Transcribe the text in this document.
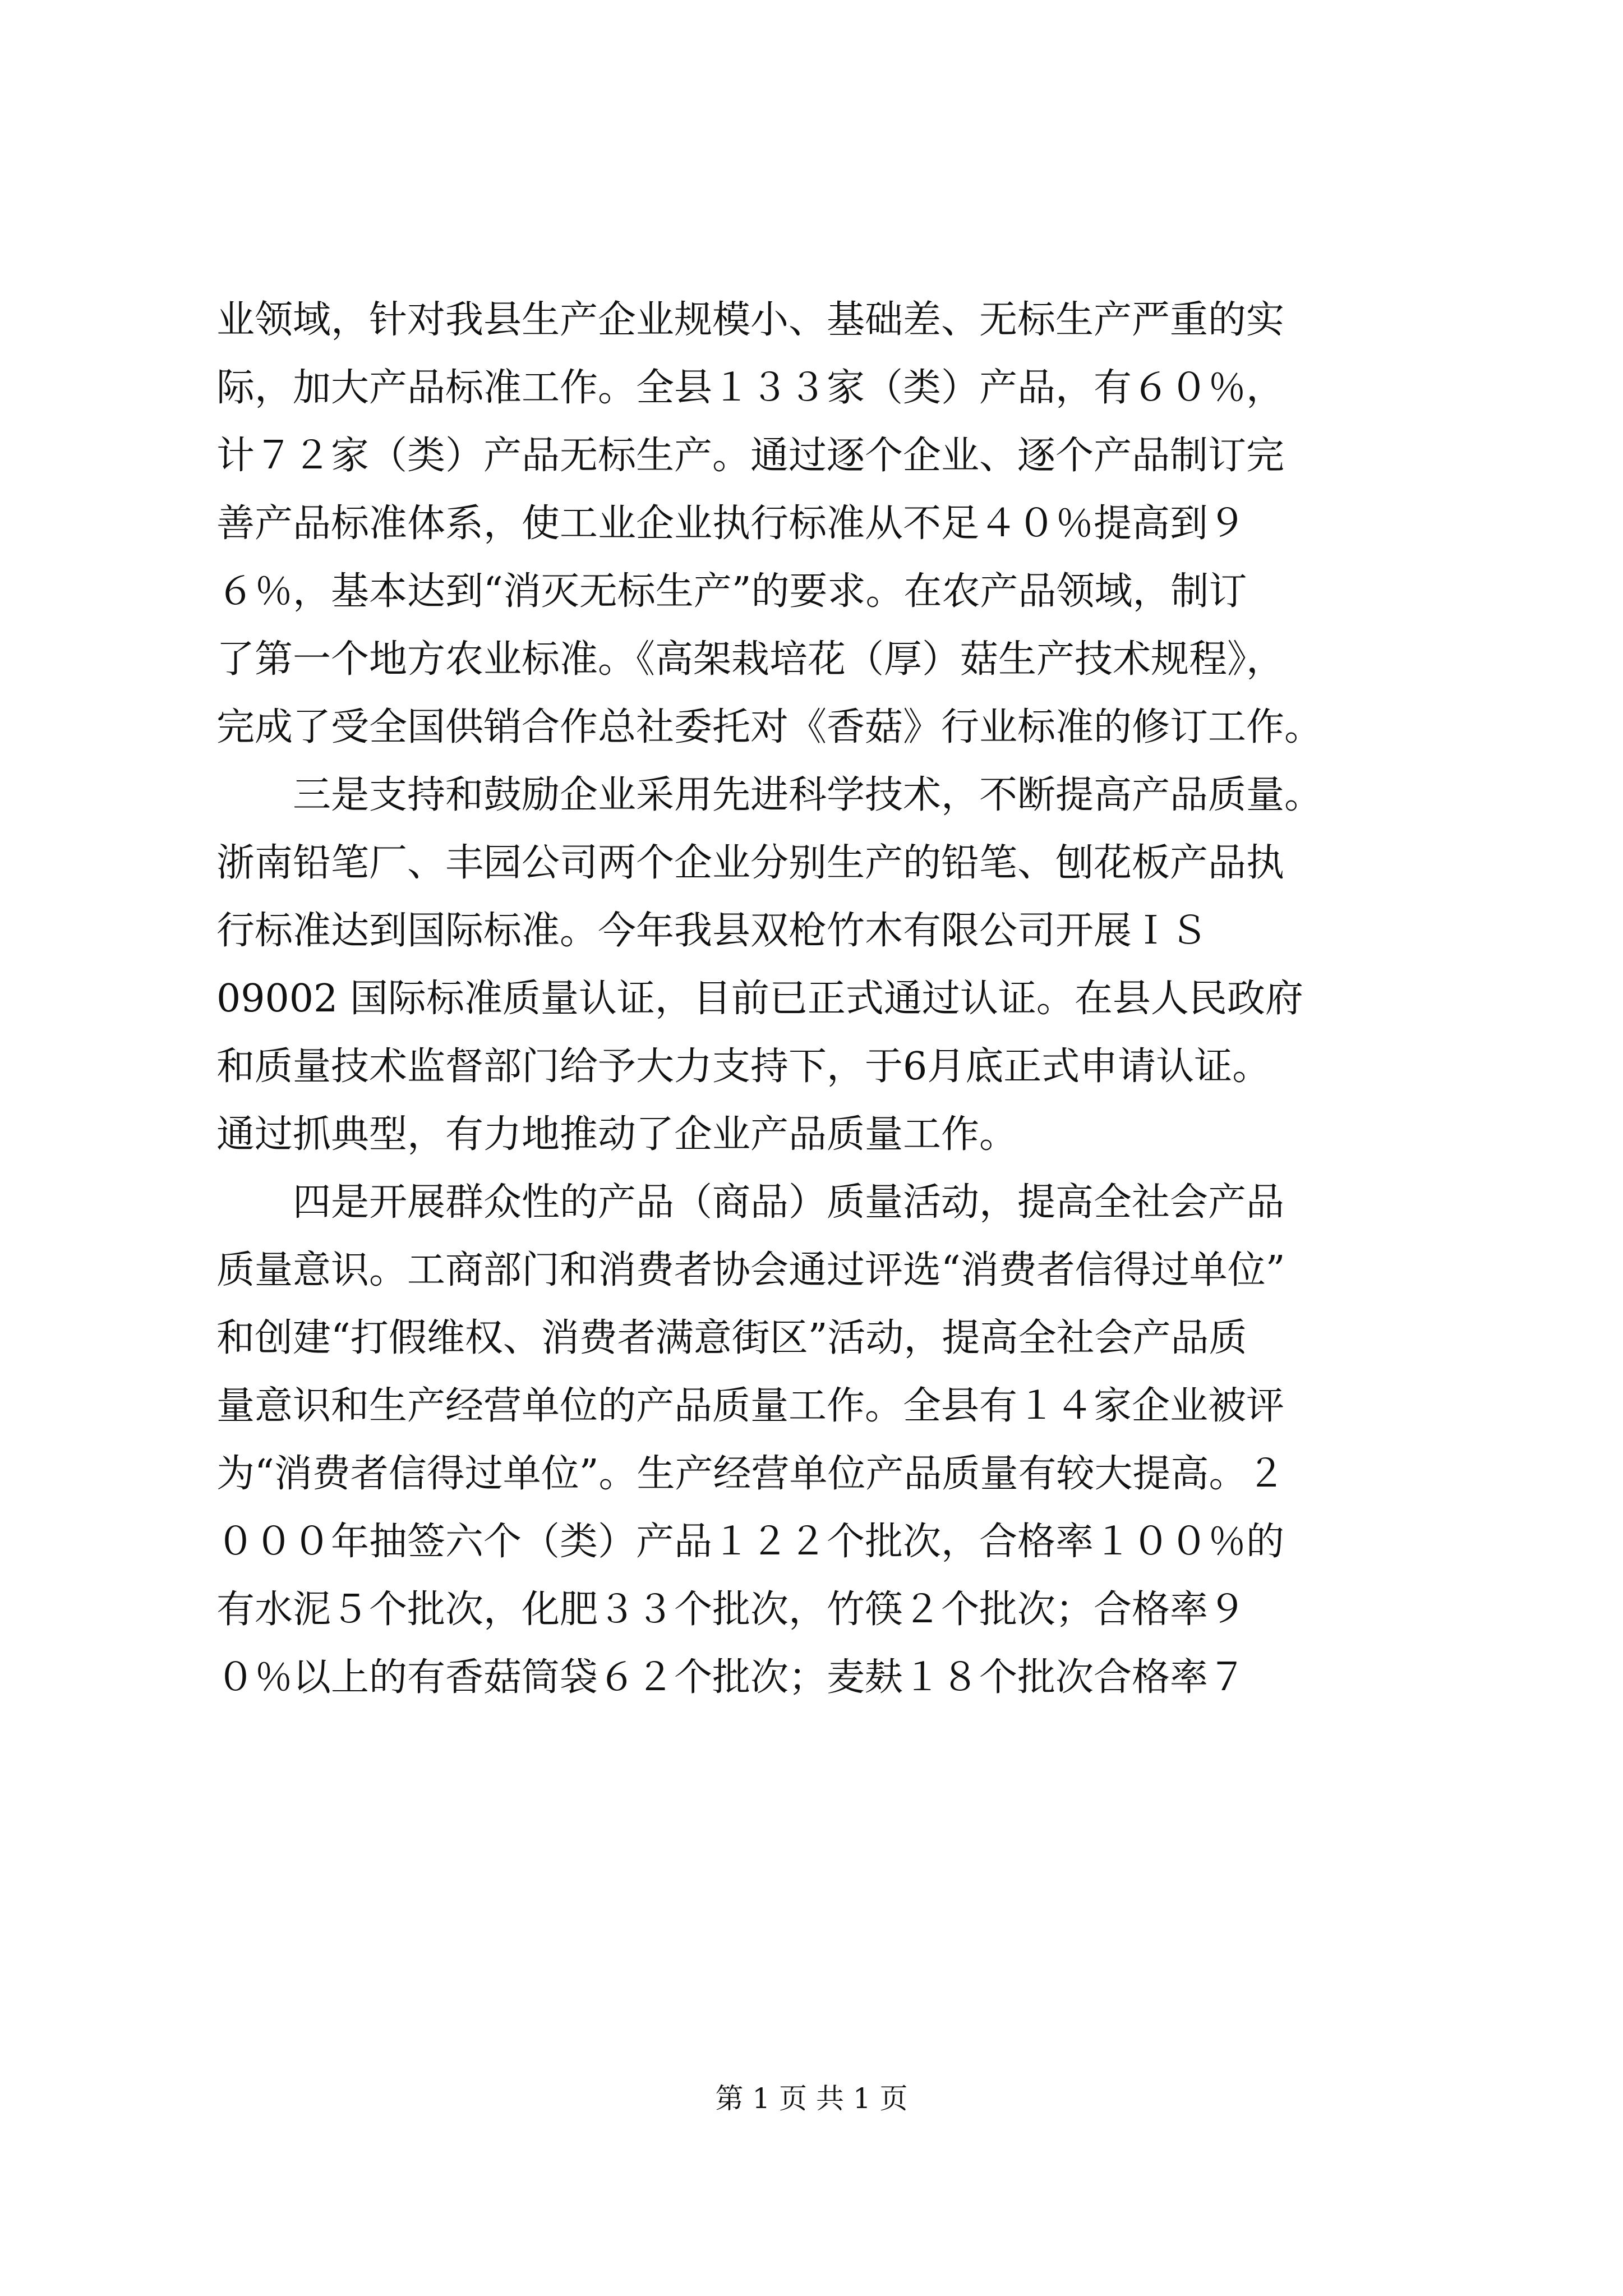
业领域，针对我县生产企业规模小、基础差、无标生产严重的实
际，加大产品标准工作。全县１３３家（类）产品，有６０％，
计７２家（类）产品无标生产。通过逐个企业、逐个产品制订完
善产品标准体系，使工业企业执行标准从不足４０％提高到９
６％，基本达到“消灭无标生产”的要求。在农产品领域，制订
了第一个地方农业标准。《高架栽培花（厚）菇生产技术规程》，
完成了受全国供销合作总社委托对《香菇》行业标准的修订工作。
　　三是支持和鼓励企业采用先进科学技术，不断提高产品质量。
浙南铅笔厂、丰园公司两个企业分别生产的铅笔、刨花板产品执
行标准达到国际标准。今年我县双枪竹木有限公司开展ＩＳ
09002 国际标准质量认证，目前已正式通过认证。在县人民政府
和质量技术监督部门给予大力支持下，于6月底正式申请认证。
通过抓典型，有力地推动了企业产品质量工作。
　　四是开展群众性的产品（商品）质量活动，提高全社会产品
质量意识。工商部门和消费者协会通过评选“消费者信得过单位”
和创建“打假维权、消费者满意街区”活动，提高全社会产品质
量意识和生产经营单位的产品质量工作。全县有１４家企业被评
为“消费者信得过单位”。生产经营单位产品质量有较大提高。２
０００年抽签六个（类）产品１２２个批次，合格率１００％的
有水泥５个批次，化肥３３个批次，竹筷２个批次；合格率９
０％以上的有香菇筒袋６２个批次；麦麸１８个批次合格率７
第 1 页 共 1 页
